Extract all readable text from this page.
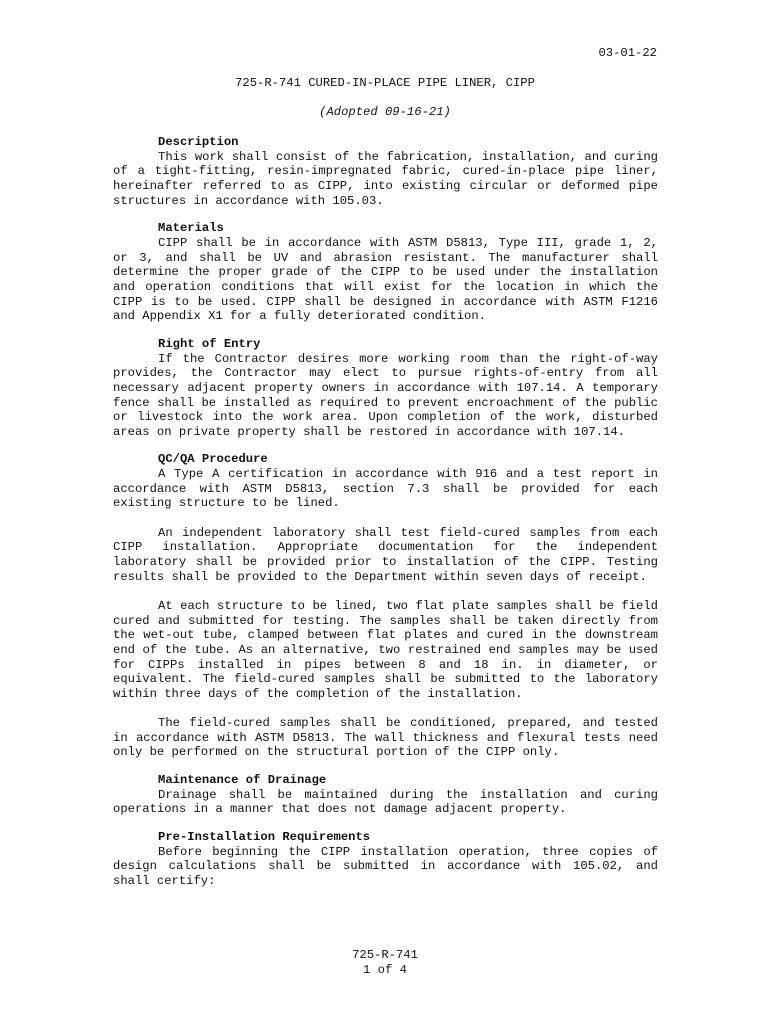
03-01-22
725-R-741 CURED-IN-PLACE PIPE LINER, CIPP
(Adopted 09-16-21)
Description

This work shall consist of the fabrication, installation, and curing of a tight-fitting, resin-impregnated fabric, cured-in-place pipe liner, hereinafter referred to as CIPP, into existing circular or deformed pipe structures in accordance with 105.03.

Materials

CIPP shall be in accordance with ASTM D5813, Type III, grade 1, 2, or 3, and shall be UV and abrasion resistant. The manufacturer shall determine the proper grade of the CIPP to be used under the installation and operation conditions that will exist for the location in which the CIPP is to be used. CIPP shall be designed in accordance with ASTM F1216 and Appendix X1 for a fully deteriorated condition.

Right of Entry

If the Contractor desires more working room than the right-of-way provides, the Contractor may elect to pursue rights-of-entry from all necessary adjacent property owners in accordance with 107.14. A temporary fence shall be installed as required to prevent encroachment of the public or livestock into the work area. Upon completion of the work, disturbed areas on private property shall be restored in accordance with 107.14.

QC/QA Procedure

A Type A certification in accordance with 916 and a test report in accordance with ASTM D5813, section 7.3 shall be provided for each existing structure to be lined.

An independent laboratory shall test field-cured samples from each CIPP installation. Appropriate documentation for the independent laboratory shall be provided prior to installation of the CIPP. Testing results shall be provided to the Department within seven days of receipt.

At each structure to be lined, two flat plate samples shall be field cured and submitted for testing. The samples shall be taken directly from the wet-out tube, clamped between flat plates and cured in the downstream end of the tube. As an alternative, two restrained end samples may be used for CIPPs installed in pipes between 8 and 18 in. in diameter, or equivalent. The field-cured samples shall be submitted to the laboratory within three days of the completion of the installation.

The field-cured samples shall be conditioned, prepared, and tested in accordance with ASTM D5813. The wall thickness and flexural tests need only be performed on the structural portion of the CIPP only.

Maintenance of Drainage

Drainage shall be maintained during the installation and curing operations in a manner that does not damage adjacent property.

Pre-Installation Requirements

Before beginning the CIPP installation operation, three copies of design calculations shall be submitted in accordance with 105.02, and shall certify:

725-R-741
1 of 4
